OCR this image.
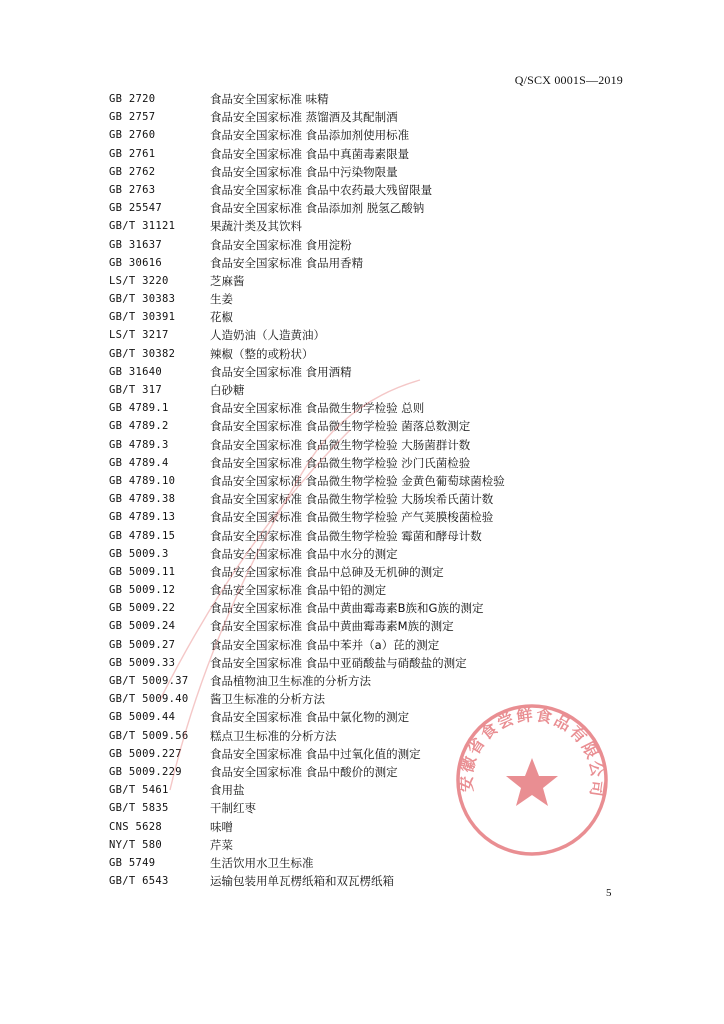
Q/SCX 0001S—2019
GB 2720	食品安全国家标准 味精
GB 2757	食品安全国家标准 蒸馏酒及其配制酒
GB 2760	食品安全国家标准 食品添加剂使用标准
GB 2761	食品安全国家标准 食品中真菌毒素限量
GB 2762	食品安全国家标准 食品中污染物限量
GB 2763	食品安全国家标准 食品中农药最大残留限量
GB 25547	食品安全国家标准 食品添加剂 脱氢乙酸钠
GB/T 31121	果蔬汁类及其饮料
GB 31637	食品安全国家标准 食用淀粉
GB 30616	食品安全国家标准 食品用香精
LS/T 3220	芝麻酱
GB/T 30383	生姜
GB/T 30391	花椒
LS/T 3217	人造奶油（人造黄油）
GB/T 30382	辣椒（整的或粉状）
GB 31640	食品安全国家标准 食用酒精
GB/T 317	白砂糖
GB 4789.1	食品安全国家标准 食品微生物学检验 总则
GB 4789.2	食品安全国家标准 食品微生物学检验 菌落总数测定
GB 4789.3	食品安全国家标准 食品微生物学检验 大肠菌群计数
GB 4789.4	食品安全国家标准 食品微生物学检验 沙门氏菌检验
GB 4789.10	食品安全国家标准 食品微生物学检验 金黄色葡萄球菌检验
GB 4789.38	食品安全国家标准 食品微生物学检验 大肠埃希氏菌计数
GB 4789.13	食品安全国家标准 食品微生物学检验 产气荚膜梭菌检验
GB 4789.15	食品安全国家标准 食品微生物学检验 霉菌和酵母计数
GB 5009.3	食品安全国家标准 食品中水分的测定
GB 5009.11	食品安全国家标准 食品中总砷及无机砷的测定
GB 5009.12	食品安全国家标准 食品中铅的测定
GB 5009.22	食品安全国家标准 食品中黄曲霉毒素B族和G族的测定
GB 5009.24	食品安全国家标准 食品中黄曲霉毒素M族的测定
GB 5009.27	食品安全国家标准 食品中苯并（a）芘的测定
GB 5009.33	食品安全国家标准 食品中亚硝酸盐与硝酸盐的测定
GB/T 5009.37 食品植物油卫生标准的分析方法
GB/T 5009.40 酱卫生标准的分析方法
GB 5009.44	食品安全国家标准 食品中氯化物的测定
GB/T 5009.56 糕点卫生标准的分析方法
GB 5009.227 食品安全国家标准 食品中过氧化值的测定
GB 5009.229 食品安全国家标准 食品中酸价的测定
GB/T 5461	食用盐
GB/T 5835	干制红枣
CNS 5628	味噌
NY/T 580	芹菜
GB 5749	生活饮用水卫生标准
GB/T 6543	运输包装用单瓦楞纸箱和双瓦楞纸箱
安徽省食尝鲜食品有限公司
5
